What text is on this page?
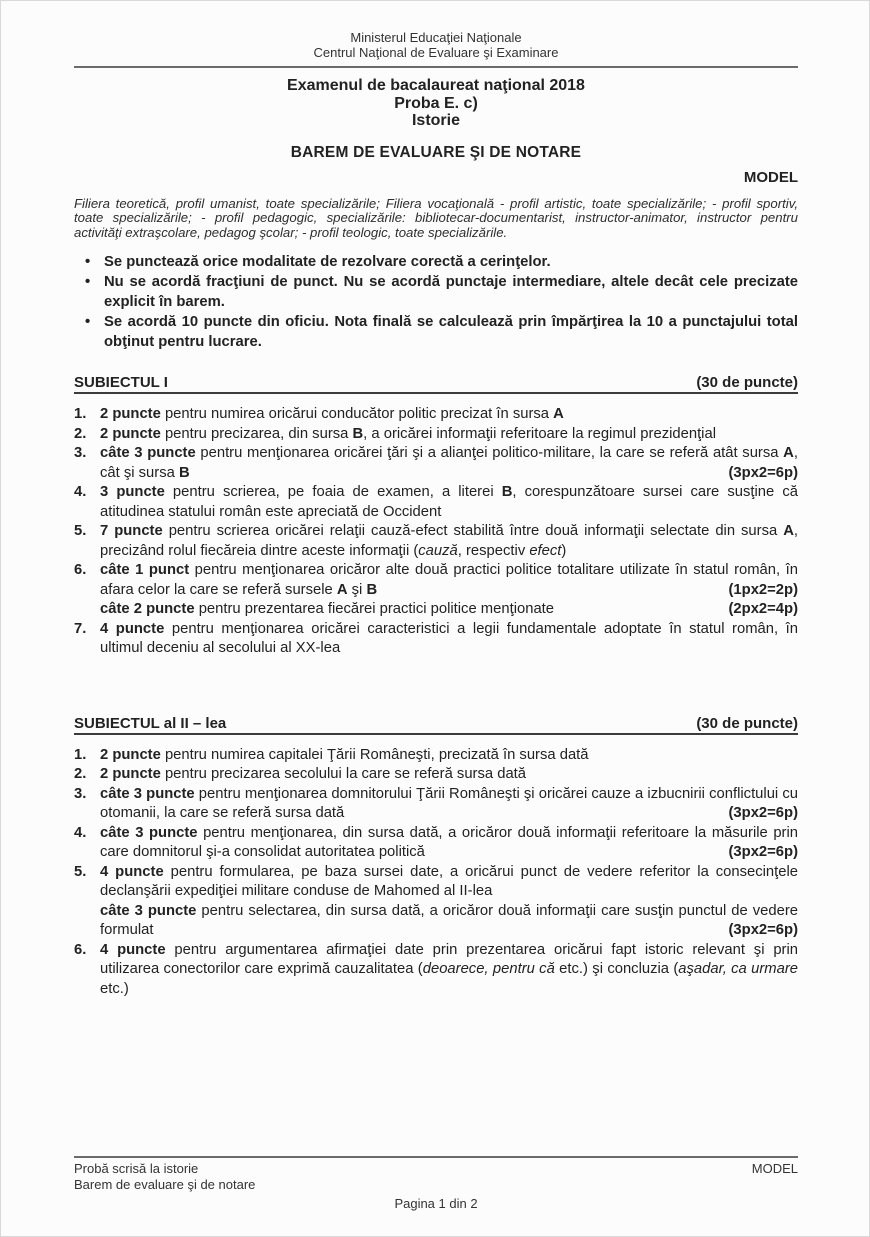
Ministerul Educaţiei Naţionale
Centrul Naţional de Evaluare şi Examinare
Examenul de bacalaureat naţional 2018
Proba E. c)
Istorie
BAREM DE EVALUARE ŞI DE NOTARE
MODEL

Filiera teoretică, profil umanist, toate specializările; Filiera vocaţională - profil artistic, toate specializările; - profil sportiv, toate specializările; - profil pedagogic, specializările: bibliotecar-documentarist, instructor-animator, instructor pentru activităţi extraşcolare, pedagog şcolar; - profil teologic, toate specializările.

• Se punctează orice modalitate de rezolvare corectă a cerinţelor.
• Nu se acordă fracţiuni de punct. Nu se acordă punctaje intermediare, altele decât cele precizate explicit în barem.
• Se acordă 10 puncte din oficiu. Nota finală se calculează prin împărţirea la 10 a punctajului total obţinut pentru lucrare.
SUBIECTUL I	(30 de puncte)
1. 2 puncte pentru numirea oricărui conducător politic precizat în sursa A
2. 2 puncte pentru precizarea, din sursa B, a oricărei informaţii referitoare la regimul prezidenţial
3. câte 3 puncte pentru menţionarea oricărei ţări şi a alianţei politico-militare, la care se referă atât sursa A, cât şi sursa B	(3px2=6p)
4. 3 puncte pentru scrierea, pe foaia de examen, a literei B, corespunzătoare sursei care susţine că atitudinea statului român este apreciată de Occident
5. 7 puncte pentru scrierea oricărei relaţii cauză-efect stabilită între două informaţii selectate din sursa A, precizând rolul fiecăreia dintre aceste informaţii (cauză, respectiv efect)
6. câte 1 punct pentru menţionarea oricăror alte două practici politice totalitare utilizate în statul român, în afara celor la care se referă sursele A şi B	(1px2=2p)
câte 2 puncte pentru prezentarea fiecărei practici politice menţionate	(2px2=4p)
7. 4 puncte pentru menţionarea oricărei caracteristici a legii fundamentale adoptate în statul român, în ultimul deceniu al secolului al XX-lea
SUBIECTUL al II – lea	(30 de puncte)
1. 2 puncte pentru numirea capitalei Ţării Româneşti, precizată în sursa dată
2. 2 puncte pentru precizarea secolului la care se referă sursa dată
3. câte 3 puncte pentru menţionarea domnitorului Ţării Româneşti şi oricărei cauze a izbucnirii conflictului cu otomanii, la care se referă sursa dată	(3px2=6p)
4. câte 3 puncte pentru menţionarea, din sursa dată, a oricăror două informaţii referitoare la măsurile prin care domnitorul şi-a consolidat autoritatea politică	(3px2=6p)
5. 4 puncte pentru formularea, pe baza sursei date, a oricărui punct de vedere referitor la consecinţele declanşării expediţiei militare conduse de Mahomed al II-lea
câte 3 puncte pentru selectarea, din sursa dată, a oricăror două informaţii care susţin punctul de vedere formulat	(3px2=6p)
6. 4 puncte pentru argumentarea afirmaţiei date prin prezentarea oricărui fapt istoric relevant şi prin utilizarea conectorilor care exprimă cauzalitatea (deoarece, pentru că etc.) şi concluzia (aşadar, ca urmare etc.)
Probă scrisă la istorie
Barem de evaluare şi de notare
MODEL
Pagina 1 din 2
